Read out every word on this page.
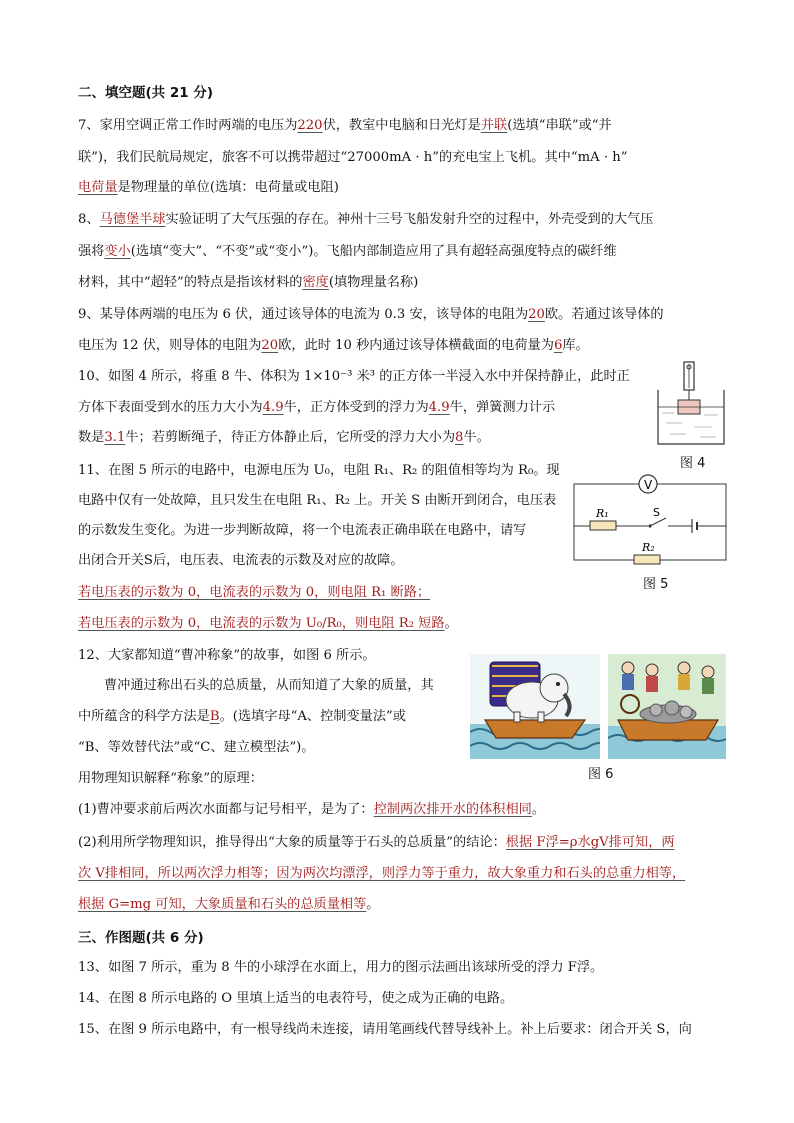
二、填空题(共 21 分)
7、家用空调正常工作时两端的电压为220伏，教室中电脑和日光灯是并联(选填“串联”或“并
联”)，我们民航局规定，旅客不可以携带超过“27000mA · h”的充电宝上飞机。其中“mA · h”
电荷量是物理量的单位(选填：电荷量或电阻)
8、马德堡半球实验证明了大气压强的存在。神州十三号飞船发射升空的过程中，外壳受到的大气压
强将变小(选填“变大”、“不变”或“变小”)。飞船内部制造应用了具有超轻高强度特点的碳纤维
材料，其中“超轻”的特点是指该材料的密度(填物理量名称)
9、某导体两端的电压为 6 伏，通过该导体的电流为 0.3 安，该导体的电阻为20欧。若通过该导体的
电压为 12 伏，则导体的电阻为20欧，此时 10 秒内通过该导体横截面的电荷量为6库。
10、如图 4 所示，将重 8 牛、体积为 1×10⁻³ 米³ 的正方体一半浸入水中并保持静止，此时正
方体下表面受到水的压力大小为4.9牛，正方体受到的浮力为4.9牛，弹簧测力计示
数是3.1牛；若剪断绳子，待正方体静止后，它所受的浮力大小为8牛。
图 4
11、在图 5 所示的电路中，电源电压为 U₀，电阻 R₁、R₂ 的阻值相等均为 R₀。现
电路中仅有一处故障，且只发生在电阻 R₁、R₂ 上。开关 S 由断开到闭合，电压表
的示数发生变化。为进一步判断故障，将一个电流表正确串联在电路中，请写
出闭合开关S后，电压表、电流表的示数及对应的故障。
若电压表的示数为 0，电流表的示数为 0，则电阻 R₁ 断路；
若电压表的示数为 0，电流表的示数为 U₀/R₀，则电阻 R₂ 短路。
V
R₁	S
R₂
图 5
12、大家都知道“曹冲称象”的故事，如图 6 所示。
曹冲通过称出石头的总质量，从而知道了大象的质量，其
中所蕴含的科学方法是B。(选填字母“A、控制变量法”或
“B、等效替代法”或“C、建立模型法”)。
用物理知识解释“称象”的原理：
(1)曹冲要求前后两次水面都与记号相平，是为了：控制两次排开水的体积相同。
(2)利用所学物理知识，推导得出“大象的质量等于石头的总质量”的结论：根据 F浮=ρ水gV排可知，两
次 V排相同，所以两次浮力相等；因为两次均漂浮，则浮力等于重力，故大象重力和石头的总重力相等，
根据 G=mg 可知，大象质量和石头的总质量相等。
图 6
三、作图题(共 6 分)
13、如图 7 所示，重为 8 牛的小球浮在水面上，用力的图示法画出该球所受的浮力 F浮。
14、在图 8 所示电路的 O 里填上适当的电表符号，使之成为正确的电路。
15、在图 9 所示电路中，有一根导线尚未连接，请用笔画线代替导线补上。补上后要求：闭合开关 S，向
